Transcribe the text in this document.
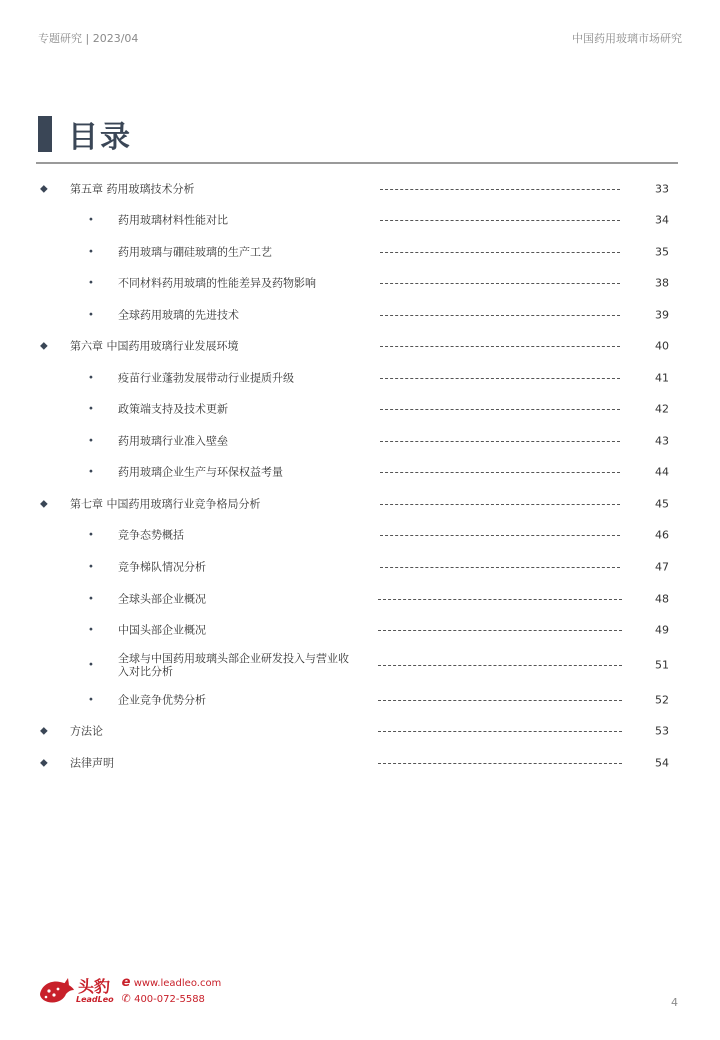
专题研究 | 2023/04	中国药用玻璃市场研究
目录
◆ 第五章 药用玻璃技术分析	33
• 药用玻璃材料性能对比	34
• 药用玻璃与硼硅玻璃的生产工艺	35
• 不同材料药用玻璃的性能差异及药物影响	38
• 全球药用玻璃的先进技术	39
◆ 第六章 中国药用玻璃行业发展环境	40
• 疫苗行业蓬勃发展带动行业提质升级	41
• 政策端支持及技术更新	42
• 药用玻璃行业准入壁垒	43
• 药用玻璃企业生产与环保权益考量	44
◆ 第七章 中国药用玻璃行业竞争格局分析	45
• 竞争态势概括	46
• 竞争梯队情况分析	47
• 全球头部企业概况	48
• 中国头部企业概况	49
• 全球与中国药用玻璃头部企业研发投入与营业收入对比分析	51
• 企业竞争优势分析	52
◆ 方法论	53
◆ 法律声明	54
头豹
LeadLeo
e www.leadleo.com
✆ 400-072-5588	4
